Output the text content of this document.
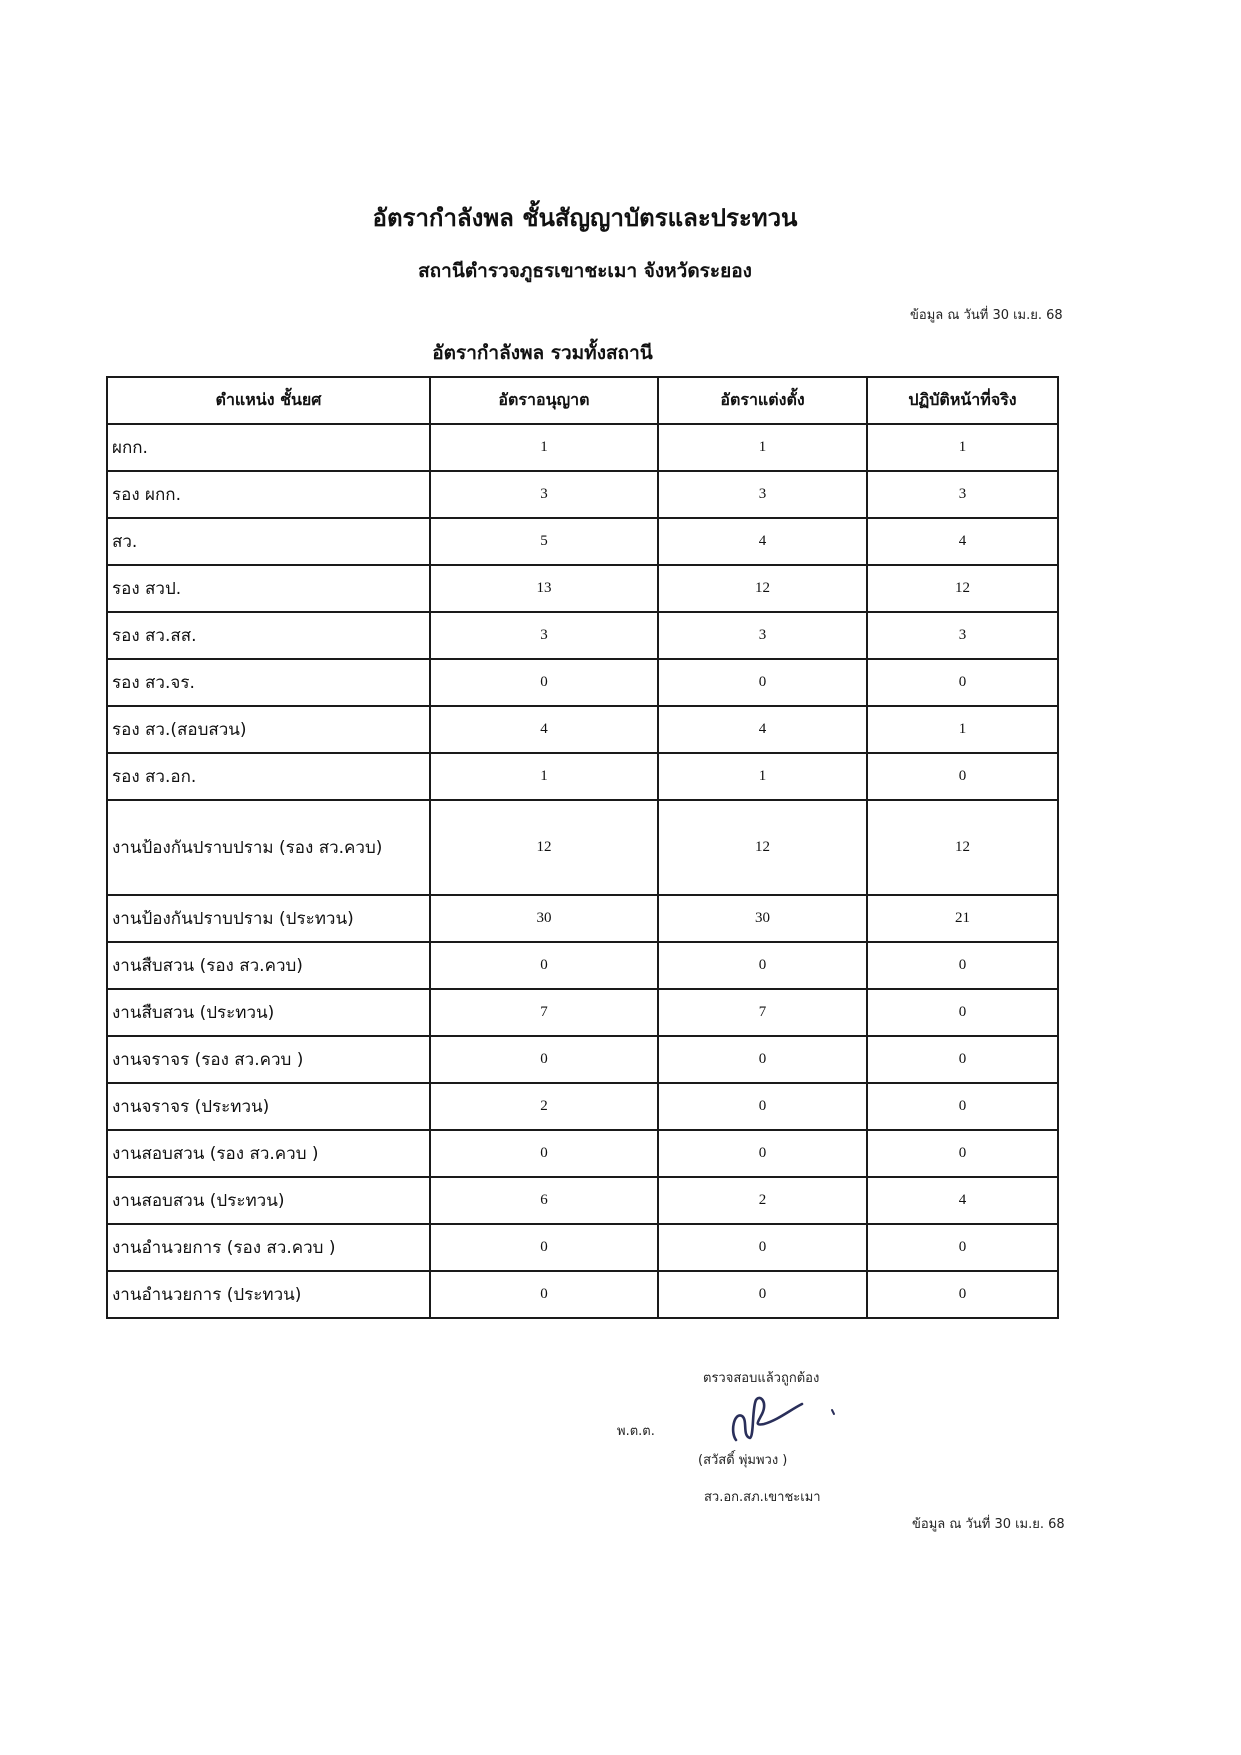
อัตรากำลังพล ชั้นสัญญาบัตรและประทวน
สถานีตำรวจภูธรเขาชะเมา จังหวัดระยอง
ข้อมูล ณ วันที่ 30 เม.ย. 68
อัตรากำลังพล รวมทั้งสถานี
ตำแหน่ง ชั้นยศ	อัตราอนุญาต	อัตราแต่งตั้ง	ปฏิบัติหน้าที่จริง
ผกก.	1	1	1
รอง ผกก.	3	3	3
สว.	5	4	4
รอง สวป.	13	12	12
รอง สว.สส.	3	3	3
รอง สว.จร.	0	0	0
รอง สว.(สอบสวน)	4	4	1
รอง สว.อก.	1	1	0
งานป้องกันปราบปราม (รอง สว.ควบ)	12	12	12
งานป้องกันปราบปราม (ประทวน)	30	30	21
งานสืบสวน (รอง สว.ควบ)	0	0	0
งานสืบสวน (ประทวน)	7	7	0
งานจราจร (รอง สว.ควบ )	0	0	0
งานจราจร (ประทวน)	2	0	0
งานสอบสวน (รอง สว.ควบ )	0	0	0
งานสอบสวน (ประทวน)	6	2	4
งานอำนวยการ (รอง สว.ควบ )	0	0	0
งานอำนวยการ (ประทวน)	0	0	0
ตรวจสอบแล้วถูกต้อง
พ.ต.ต.
(สวัสดิ์ พุ่มพวง )
สว.อก.สภ.เขาชะเมา
ข้อมูล ณ วันที่ 30 เม.ย. 68
